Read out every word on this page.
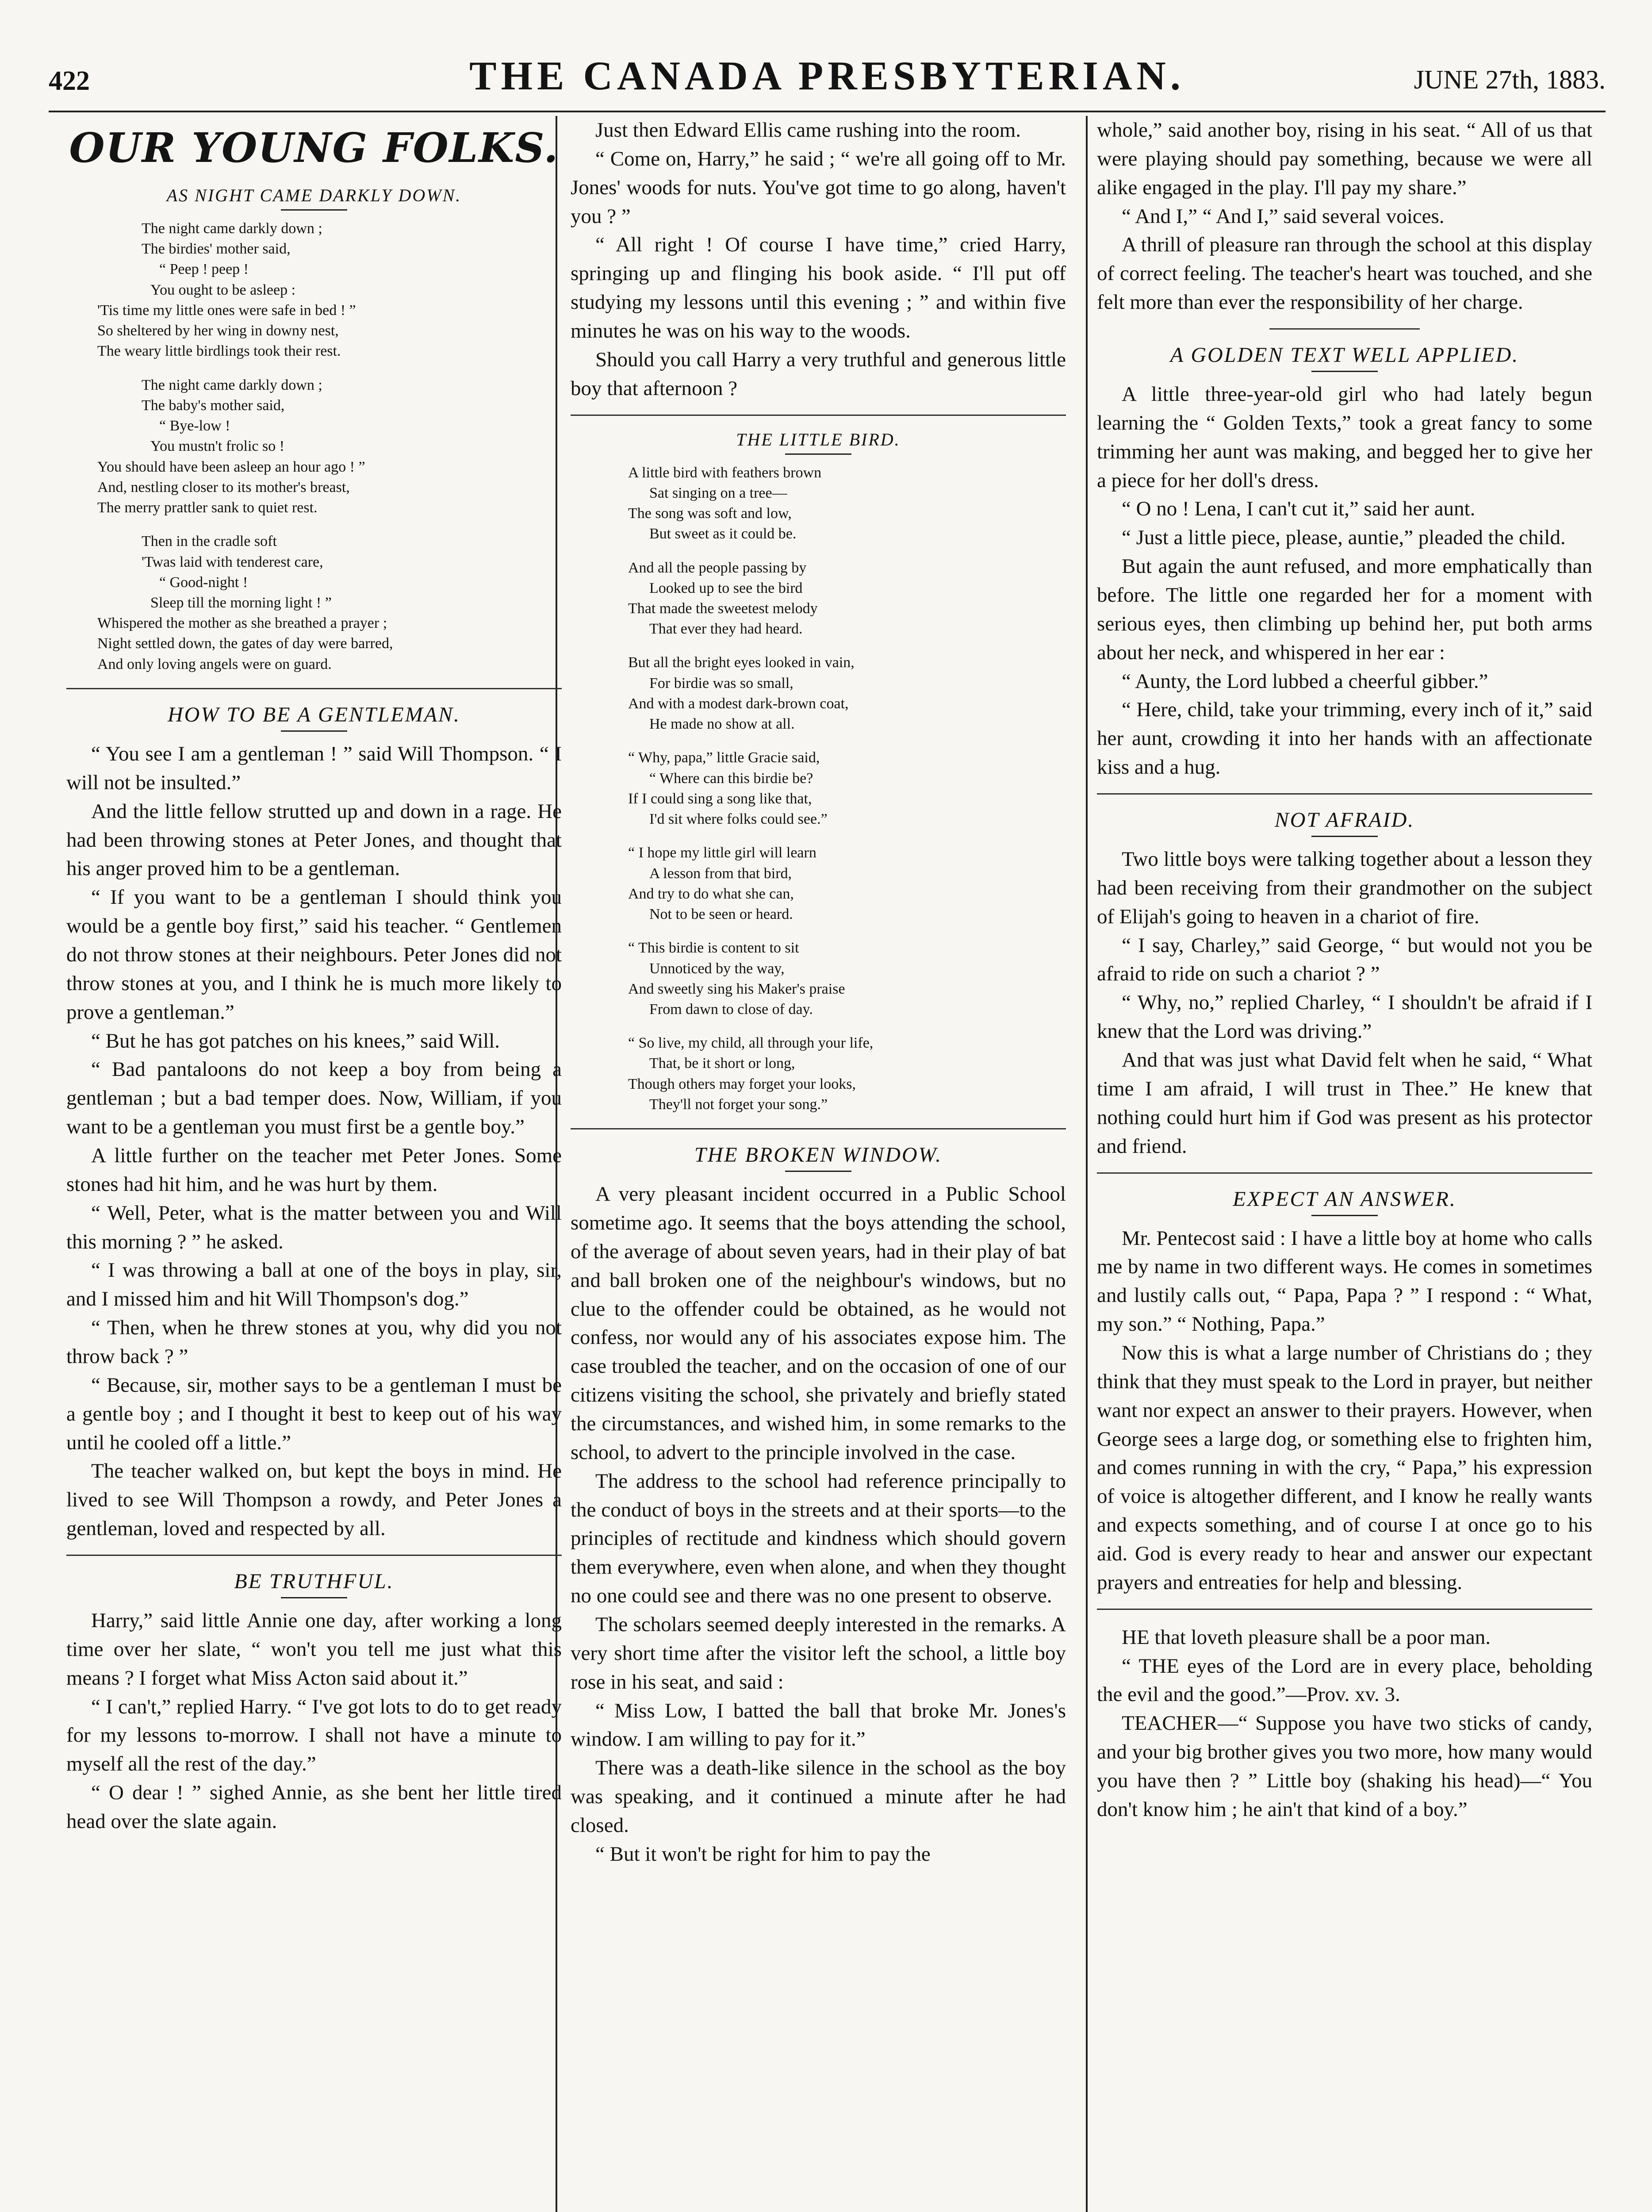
422	THE CANADA PRESBYTERIAN.	JUNE 27th, 1883.
OUR YOUNG FOLKS.
AS NIGHT CAME DARKLY DOWN.

The night came darkly down ;
The birdies' mother said,
“ Peep ! peep !
You ought to be asleep :
'Tis time my little ones were safe in bed ! ”
So sheltered by her wing in downy nest,
The weary little birdlings took their rest.

The night came darkly down ;
The baby's mother said,
“ Bye-low !
You mustn't frolic so !
You should have been asleep an hour ago ! ”
And, nestling closer to its mother's breast,
The merry prattler sank to quiet rest.

Then in the cradle soft
'Twas laid with tenderest care,
“ Good-night !
Sleep till the morning light ! ”
Whispered the mother as she breathed a prayer ;
Night settled down, the gates of day were barred,
And only loving angels were on guard.

HOW TO BE A GENTLEMAN.

“ You see I am a gentleman ! ” said Will Thompson. “ I will not be insulted.”

And the little fellow strutted up and down in a rage. He had been throwing stones at Peter Jones, and thought that his anger proved him to be a gentleman.

“ If you want to be a gentleman I should think you would be a gentle boy first,” said his teacher. “ Gentlemen do not throw stones at their neighbours. Peter Jones did not throw stones at you, and I think he is much more likely to prove a gentleman.”

“ But he has got patches on his knees,” said Will.

“ Bad pantaloons do not keep a boy from being a gentleman ; but a bad temper does. Now, William, if you want to be a gentleman you must first be a gentle boy.”

A little further on the teacher met Peter Jones. Some stones had hit him, and he was hurt by them.

“ Well, Peter, what is the matter between you and Will this morning ? ” he asked.

“ I was throwing a ball at one of the boys in play, sir, and I missed him and hit Will Thompson's dog.”

“ Then, when he threw stones at you, why did you not throw back ? ”

“ Because, sir, mother says to be a gentleman I must be a gentle boy ; and I thought it best to keep out of his way until he cooled off a little.”

The teacher walked on, but kept the boys in mind. He lived to see Will Thompson a rowdy, and Peter Jones a gentleman, loved and respected by all.

BE TRUTHFUL.

Harry,” said little Annie one day, after working a long time over her slate, “ won't you tell me just what this means ? I forget what Miss Acton said about it.”

“ I can't,” replied Harry. “ I've got lots to do to get ready for my lessons to-morrow. I shall not have a minute to myself all the rest of the day.”

“ O dear ! ” sighed Annie, as she bent her little tired head over the slate again.

Just then Edward Ellis came rushing into the room.

“ Come on, Harry,” he said ; “ we're all going off to Mr. Jones' woods for nuts. You've got time to go along, haven't you ? ”

“ All right ! Of course I have time,” cried Harry, springing up and flinging his book aside. “ I'll put off studying my lessons until this evening ; ” and within five minutes he was on his way to the woods.

Should you call Harry a very truthful and generous little boy that afternoon ?

THE LITTLE BIRD.

A little bird with feathers brown
Sat singing on a tree—
The song was soft and low,
But sweet as it could be.

And all the people passing by
Looked up to see the bird
That made the sweetest melody
That ever they had heard.

But all the bright eyes looked in vain,
For birdie was so small,
And with a modest dark-brown coat,
He made no show at all.

“ Why, papa,” little Gracie said,
“ Where can this birdie be?
If I could sing a song like that,
I'd sit where folks could see.”

“ I hope my little girl will learn
A lesson from that bird,
And try to do what she can,
Not to be seen or heard.

“ This birdie is content to sit
Unnoticed by the way,
And sweetly sing his Maker's praise
From dawn to close of day.

“ So live, my child, all through your life,
That, be it short or long,
Though others may forget your looks,
They'll not forget your song.”

THE BROKEN WINDOW.

A very pleasant incident occurred in a Public School sometime ago. It seems that the boys attending the school, of the average of about seven years, had in their play of bat and ball broken one of the neighbour's windows, but no clue to the offender could be obtained, as he would not confess, nor would any of his associates expose him. The case troubled the teacher, and on the occasion of one of our citizens visiting the school, she privately and briefly stated the circumstances, and wished him, in some remarks to the school, to advert to the principle involved in the case.

The address to the school had reference principally to the conduct of boys in the streets and at their sports—to the principles of rectitude and kindness which should govern them everywhere, even when alone, and when they thought no one could see and there was no one present to observe.

The scholars seemed deeply interested in the remarks. A very short time after the visitor left the school, a little boy rose in his seat, and said :

“ Miss Low, I batted the ball that broke Mr. Jones's window. I am willing to pay for it.”

There was a death-like silence in the school as the boy was speaking, and it continued a minute after he had closed.

“ But it won't be right for him to pay the

whole,” said another boy, rising in his seat. “ All of us that were playing should pay something, because we were all alike engaged in the play. I'll pay my share.”

“ And I,” “ And I,” said several voices.

A thrill of pleasure ran through the school at this display of correct feeling. The teacher's heart was touched, and she felt more than ever the responsibility of her charge.

A GOLDEN TEXT WELL APPLIED.

A little three-year-old girl who had lately begun learning the “ Golden Texts,” took a great fancy to some trimming her aunt was making, and begged her to give her a piece for her doll's dress.

“ O no ! Lena, I can't cut it,” said her aunt.

“ Just a little piece, please, auntie,” pleaded the child.

But again the aunt refused, and more emphatically than before. The little one regarded her for a moment with serious eyes, then climbing up behind her, put both arms about her neck, and whispered in her ear :

“ Aunty, the Lord lubbed a cheerful gibber.”

“ Here, child, take your trimming, every inch of it,” said her aunt, crowding it into her hands with an affectionate kiss and a hug.

NOT AFRAID.

Two little boys were talking together about a lesson they had been receiving from their grandmother on the subject of Elijah's going to heaven in a chariot of fire.

“ I say, Charley,” said George, “ but would not you be afraid to ride on such a chariot ? ”

“ Why, no,” replied Charley, “ I shouldn't be afraid if I knew that the Lord was driving.”

And that was just what David felt when he said, “ What time I am afraid, I will trust in Thee.” He knew that nothing could hurt him if God was present as his protector and friend.

EXPECT AN ANSWER.

Mr. Pentecost said : I have a little boy at home who calls me by name in two different ways. He comes in sometimes and lustily calls out, “ Papa, Papa ? ” I respond : “ What, my son.” “ Nothing, Papa.”

Now this is what a large number of Christians do ; they think that they must speak to the Lord in prayer, but neither want nor expect an answer to their prayers. However, when George sees a large dog, or something else to frighten him, and comes running in with the cry, “ Papa,” his expression of voice is altogether different, and I know he really wants and expects something, and of course I at once go to his aid. God is every ready to hear and answer our expectant prayers and entreaties for help and blessing.

HE that loveth pleasure shall be a poor man.

“ THE eyes of the Lord are in every place, beholding the evil and the good.”—Prov. xv. 3.

TEACHER—“ Suppose you have two sticks of candy, and your big brother gives you two more, how many would you have then ? ” Little boy (shaking his head)—“ You don't know him ; he ain't that kind of a boy.”
